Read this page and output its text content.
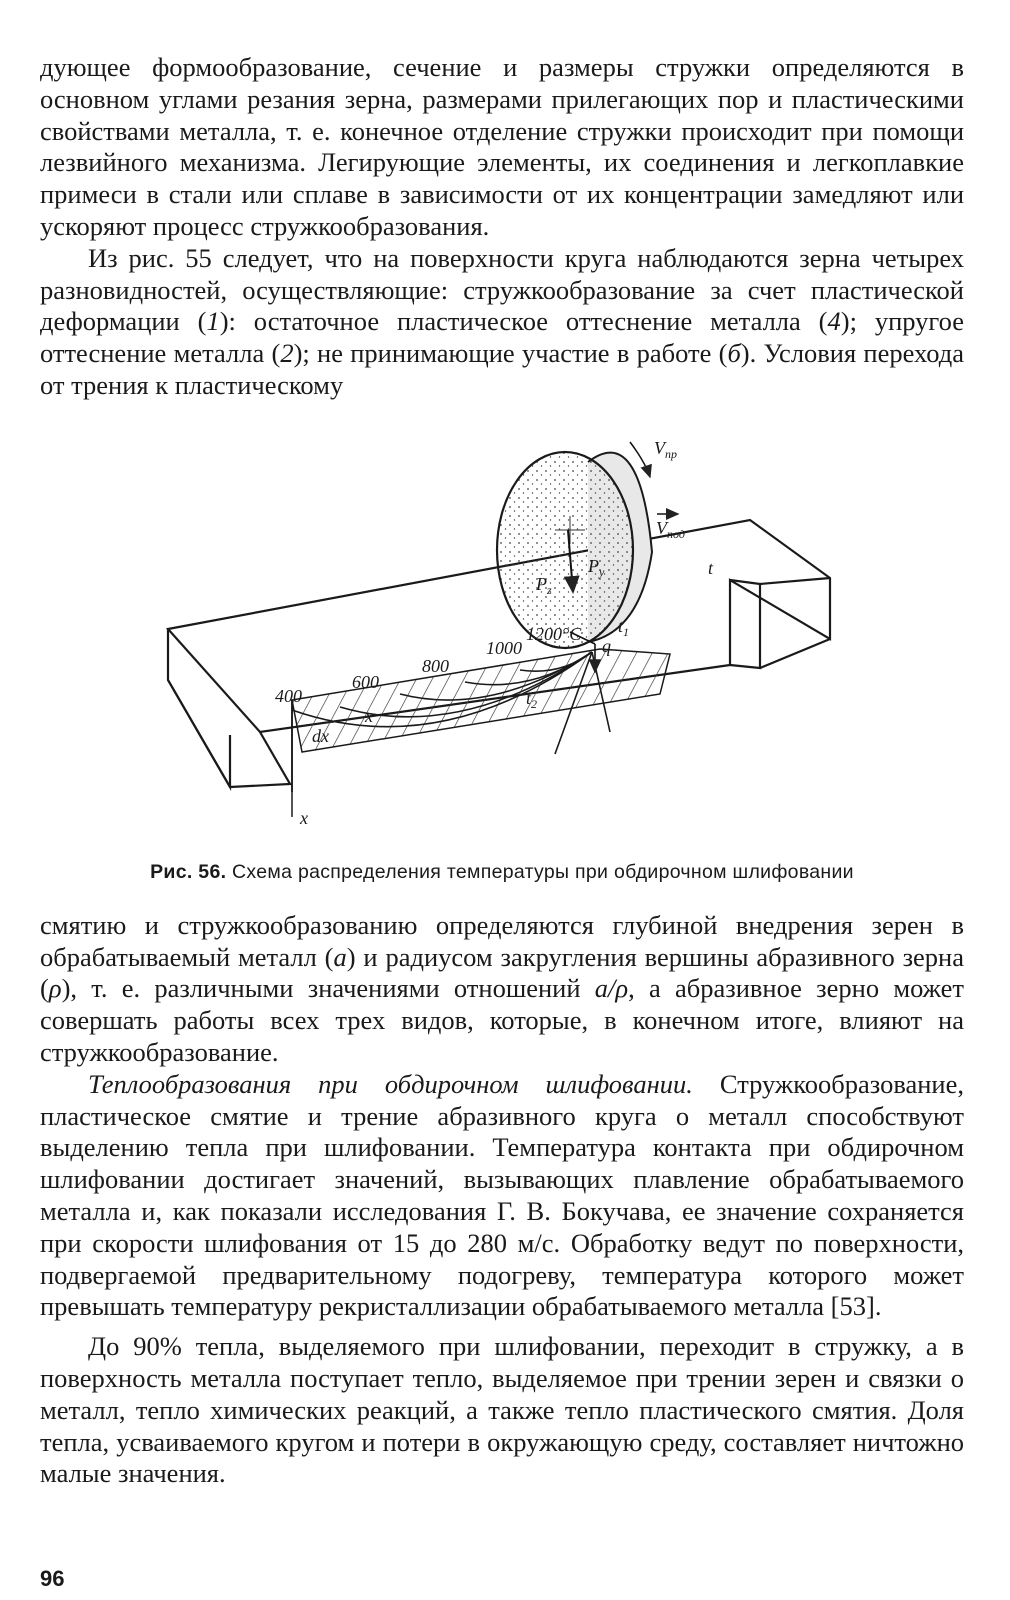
дующее формообразование, сечение и размеры стружки определяются в основном углами резания зерна, размерами прилегающих пор и пластическими свойствами металла, т. е. конечное отделение стружки происходит при помощи лезвийного механизма. Легирующие элементы, их соединения и легкоплавкие примеси в стали или сплаве в зависимости от их концентрации замедляют или ускоряют процесс стружкообразования.

Из рис. 55 следует, что на поверхности круга наблюдаются зерна четырех разновидностей, осуществляющие: стружкообразование за счет пластической деформации (1): остаточное пластическое оттеснение металла (4); упругое оттеснение металла (2); не принимающие участие в работе (б). Условия перехода от трения к пластическому

$V_{пр}$
$V_{под}$
$P_y$
$P_z$
t
$t_1$
$t_2$
q
x
x
dx
400
600
800
1000
1200°C

Рис. 56. Схема распределения температуры при обдирочном шлифовании

смятию и стружкообразованию определяются глубиной внедрения зерен в обрабатываемый металл (a) и радиусом закругления вершины абразивного зерна (ρ), т. е. различными значениями отношений a/ρ, а абразивное зерно может совершать работы всех трех видов, которые, в конечном итоге, влияют на стружкообразование.

Теплообразования при обдирочном шлифовании. Стружкообразование, пластическое смятие и трение абразивного круга о металл способствуют выделению тепла при шлифовании. Температура контакта при обдирочном шлифовании достигает значений, вызывающих плавление обрабатываемого металла и, как показали исследования Г. В. Бокучава, ее значение сохраняется при скорости шлифования от 15 до 280 м/с. Обработку ведут по поверхности, подвергаемой предварительному подогреву, температура которого может превышать температуру рекристаллизации обрабатываемого металла [53].

До 90% тепла, выделяемого при шлифовании, переходит в стружку, а в поверхность металла поступает тепло, выделяемое при трении зерен и связки о металл, тепло химических реакций, а также тепло пластического смятия. Доля тепла, усваиваемого кругом и потери в окружающую среду, составляет ничтожно малые значения.

96
